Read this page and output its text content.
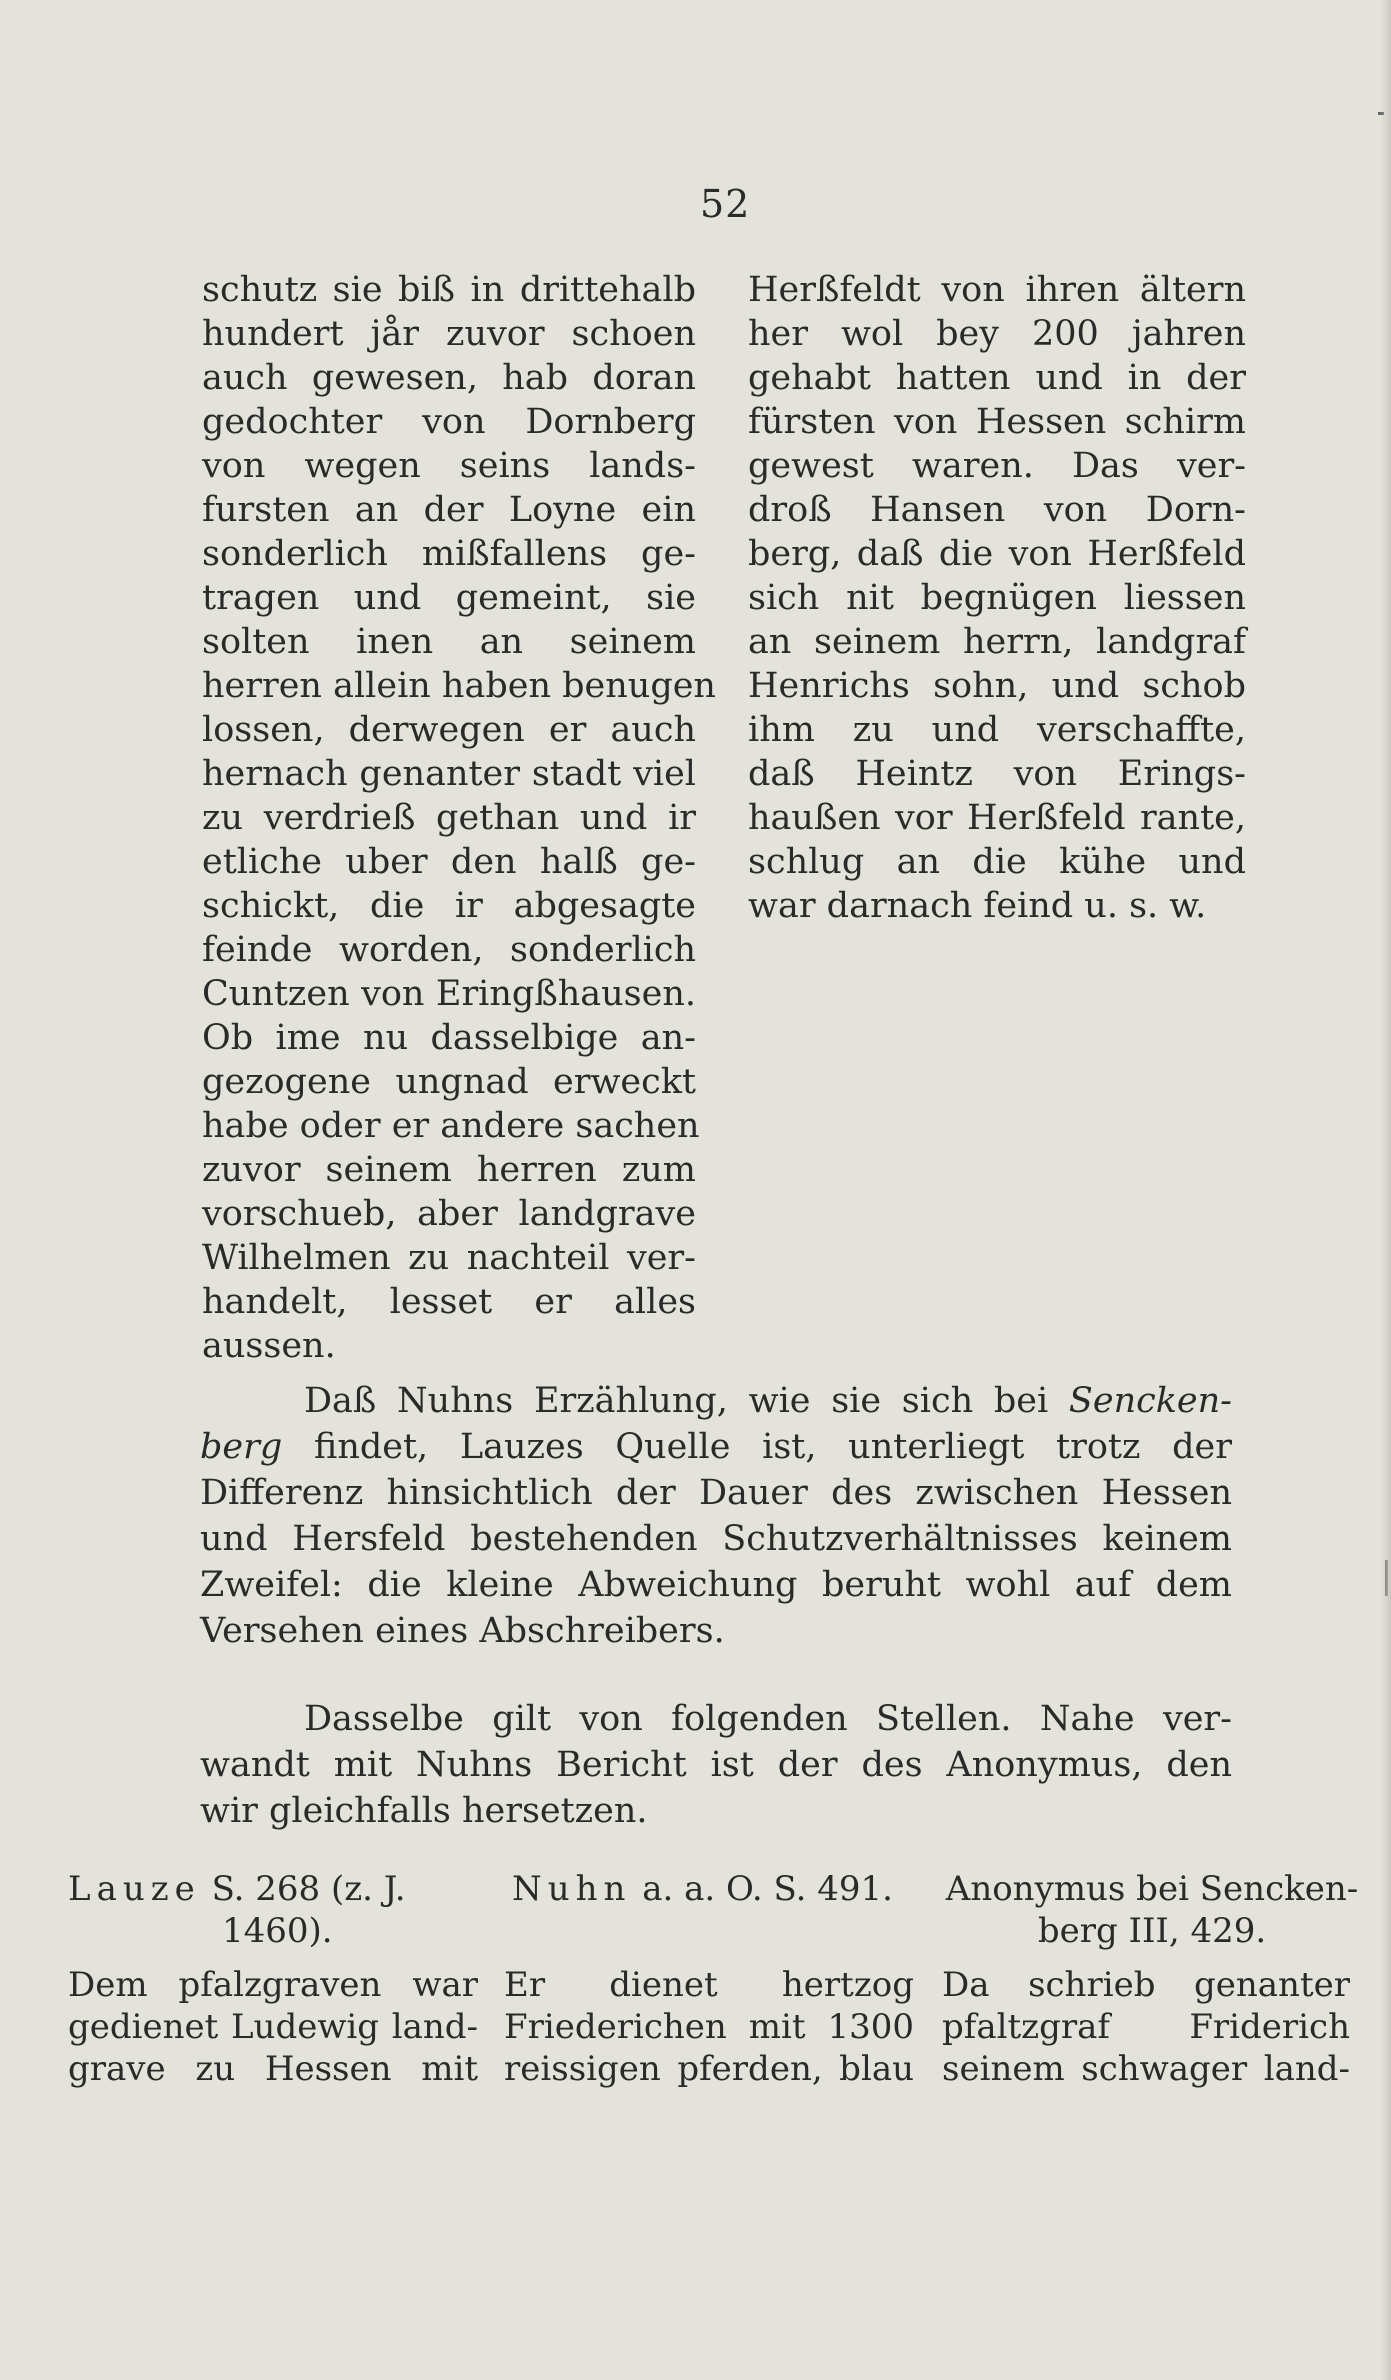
52
schutz sie biß in drittehalb
hundert jår zuvor schoen
auch gewesen, hab doran
gedochter von Dornberg
von wegen seins lands-
fursten an der Loyne ein
sonderlich mißfallens ge-
tragen und gemeint, sie
solten inen an seinem
herren allein haben benugen
lossen, derwegen er auch
hernach genanter stadt viel
zu verdrieß gethan und ir
etliche uber den halß ge-
schickt, die ir abgesagte
feinde worden, sonderlich
Cuntzen von Eringßhausen.
Ob ime nu dasselbige an-
gezogene ungnad erweckt
habe oder er andere sachen
zuvor seinem herren zum
vorschueb, aber landgrave
Wilhelmen zu nachteil ver-
handelt, lesset er alles
aussen.
Herßfeldt von ihren ältern
her wol bey 200 jahren
gehabt hatten und in der
fürsten von Hessen schirm
gewest waren. Das ver-
droß Hansen von Dorn-
berg, daß die von Herßfeld
sich nit begnügen liessen
an seinem herrn, landgraf
Henrichs sohn, und schob
ihm zu und verschaffte,
daß Heintz von Erings-
haußen vor Herßfeld rante,
schlug an die kühe und
war darnach feind u. s. w.
Daß Nuhns Erzählung, wie sie sich bei Sencken-
berg findet, Lauzes Quelle ist, unterliegt trotz der
Differenz hinsichtlich der Dauer des zwischen Hessen
und Hersfeld bestehenden Schutzverhältnisses keinem
Zweifel: die kleine Abweichung beruht wohl auf dem
Versehen eines Abschreibers.
Dasselbe gilt von folgenden Stellen. Nahe ver-
wandt mit Nuhns Bericht ist der des Anonymus, den
wir gleichfalls hersetzen.
Lauze S. 268 (z. J.
1460).
Nuhn a. a. O. S. 491.	Anonymus bei Sencken-
berg III, 429.
Dem pfalzgraven war
gedienet Ludewig land-
grave zu Hessen mit
Er dienet hertzog
Friederichen mit 1300
reissigen pferden, blau
Da schrieb genanter
pfaltzgraf Friderich
seinem schwager land-
